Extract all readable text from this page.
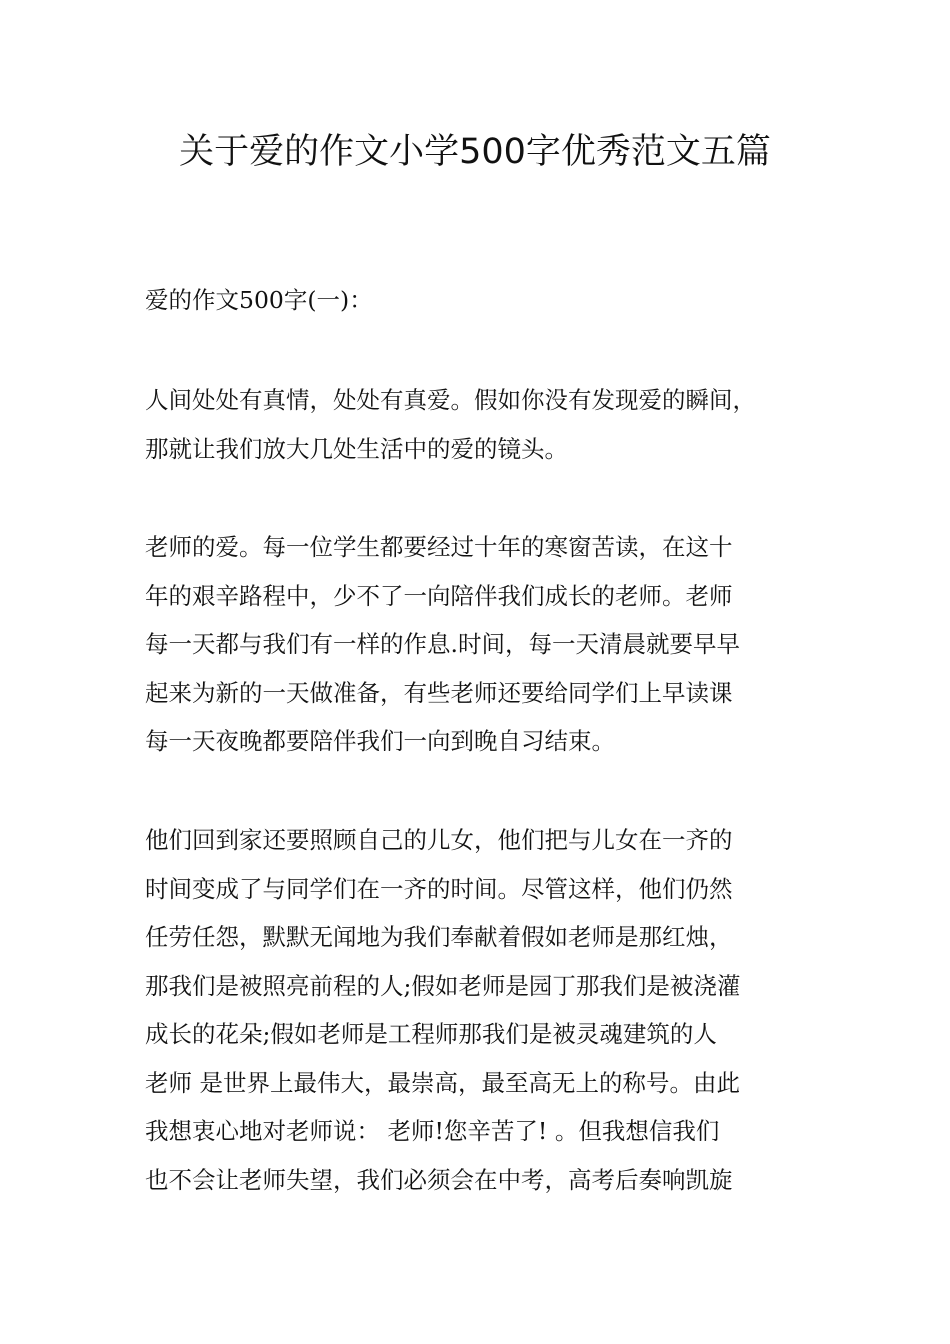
关于爱的作文小学500字优秀范文五篇
爱的作文500字(一)：
人间处处有真情，处处有真爱。假如你没有发现爱的瞬间，
那就让我们放大几处生活中的爱的镜头。
老师的爱。每一位学生都要经过十年的寒窗苦读，在这十
年的艰辛路程中，少不了一向陪伴我们成长的老师。老师
每一天都与我们有一样的作息.时间，每一天清晨就要早早
起来为新的一天做准备，有些老师还要给同学们上早读课
每一天夜晚都要陪伴我们一向到晚自习结束。
他们回到家还要照顾自己的儿女，他们把与儿女在一齐的
时间变成了与同学们在一齐的时间。尽管这样，他们仍然
任劳任怨，默默无闻地为我们奉献着假如老师是那红烛，
那我们是被照亮前程的人;假如老师是园丁那我们是被浇灌
成长的花朵;假如老师是工程师那我们是被灵魂建筑的人
老师 是世界上最伟大，最崇高，最至高无上的称号。由此
我想衷心地对老师说： 老师!您辛苦了! 。但我想信我们
也不会让老师失望，我们必须会在中考，高考后奏响凯旋
